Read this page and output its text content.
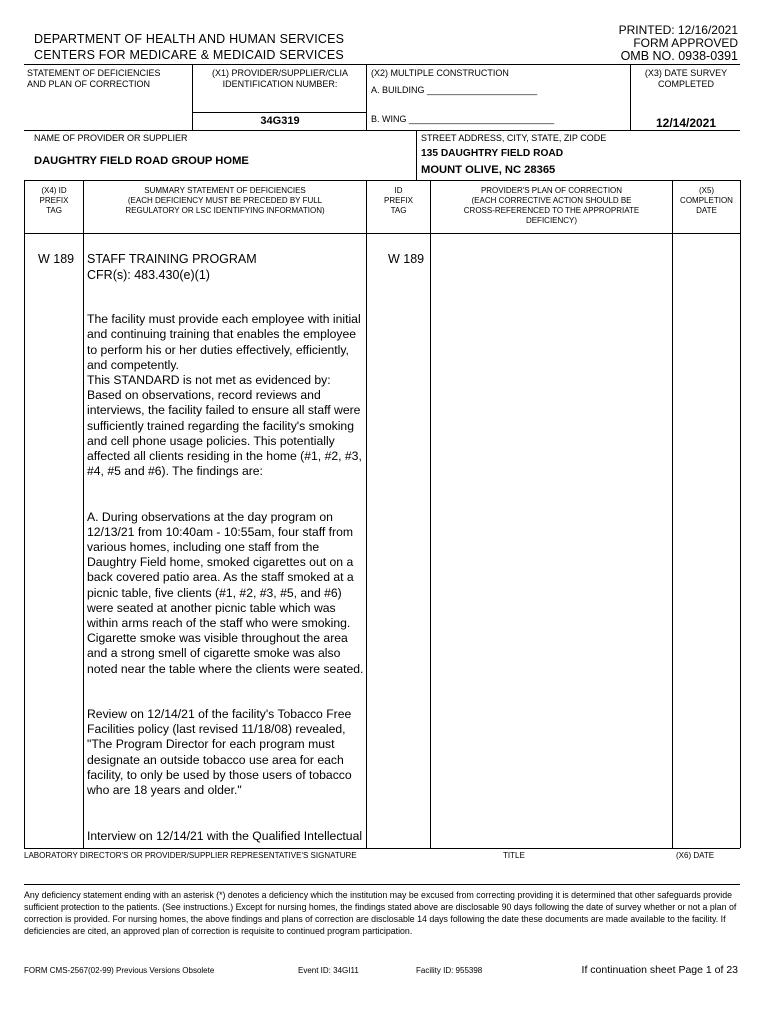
DEPARTMENT OF HEALTH AND HUMAN SERVICES
CENTERS FOR MEDICARE & MEDICAID SERVICES
PRINTED: 12/16/2021
FORM APPROVED
OMB NO. 0938-0391
STATEMENT OF DEFICIENCIES
AND PLAN OF CORRECTION
(X1) PROVIDER/SUPPLIER/CLIA
IDENTIFICATION NUMBER:
34G319
(X2) MULTIPLE CONSTRUCTION
A. BUILDING ______________________
B. WING _____________________________
(X3) DATE SURVEY
COMPLETED
12/14/2021
NAME OF PROVIDER OR SUPPLIER
DAUGHTRY FIELD ROAD GROUP HOME
STREET ADDRESS, CITY, STATE, ZIP CODE
135 DAUGHTRY FIELD ROAD
MOUNT OLIVE, NC 28365
(X4) ID
PREFIX
TAG
SUMMARY STATEMENT OF DEFICIENCIES
(EACH DEFICIENCY MUST BE PRECEDED BY FULL
REGULATORY OR LSC IDENTIFYING INFORMATION)
ID
PREFIX
TAG
PROVIDER'S PLAN OF CORRECTION
(EACH CORRECTIVE ACTION SHOULD BE
CROSS-REFERENCED TO THE APPROPRIATE
DEFICIENCY)
(X5)
COMPLETION
DATE
W 189	W 189
STAFF TRAINING PROGRAM
CFR(s): 483.430(e)(1)

The facility must provide each employee with initial and continuing training that enables the employee to perform his or her duties effectively, efficiently, and competently.
This STANDARD is not met as evidenced by:
Based on observations, record reviews and interviews, the facility failed to ensure all staff were sufficiently trained regarding the facility's smoking and cell phone usage policies. This potentially affected all clients residing in the home (#1, #2, #3, #4, #5 and #6). The findings are:

A. During observations at the day program on 12/13/21 from 10:40am - 10:55am, four staff from various homes, including one staff from the Daughtry Field home, smoked cigarettes out on a back covered patio area. As the staff smoked at a picnic table, five clients (#1, #2, #3, #5, and #6) were seated at another picnic table which was within arms reach of the staff who were smoking. Cigarette smoke was visible throughout the area and a strong smell of cigarette smoke was also noted near the table where the clients were seated.

Review on 12/14/21 of the facility's Tobacco Free Facilities policy (last revised 11/18/08) revealed, "The Program Director for each program must designate an outside tobacco use area for each facility, to only be used by those users of tobacco who are 18 years and older."

Interview on 12/14/21 with the Qualified Intellectual

LABORATORY DIRECTOR'S OR PROVIDER/SUPPLIER REPRESENTATIVE'S SIGNATURE	TITLE	(X6) DATE
Any deficiency statement ending with an asterisk (*) denotes a deficiency which the institution may be excused from correcting providing it is determined that other safeguards provide sufficient protection to the patients. (See instructions.) Except for nursing homes, the findings stated above are disclosable 90 days following the date of survey whether or not a plan of correction is provided. For nursing homes, the above findings and plans of correction are disclosable 14 days following the date these documents are made available to the facility. If deficiencies are cited, an approved plan of correction is requisite to continued program participation.
FORM CMS-2567(02-99) Previous Versions Obsolete	Event ID: 34GI11	Facility ID: 955398	If continuation sheet Page 1 of 23
